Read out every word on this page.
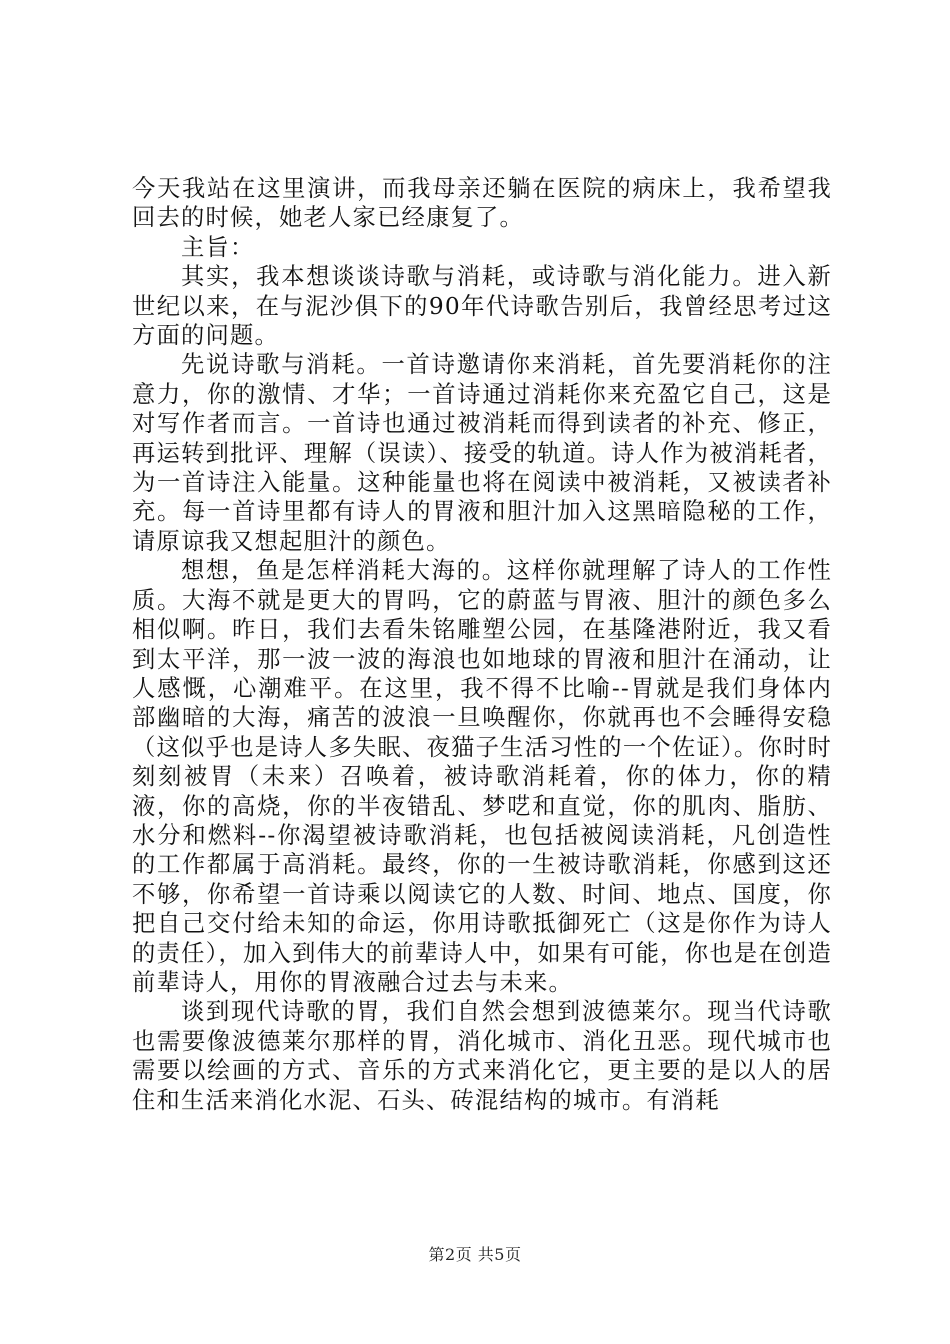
今天我站在这里演讲，而我母亲还躺在医院的病床上，我希望我回去的时候，她老人家已经康复了。

主旨：

其实，我本想谈谈诗歌与消耗，或诗歌与消化能力。进入新世纪以来，在与泥沙俱下的90年代诗歌告别后，我曾经思考过这方面的问题。

先说诗歌与消耗。一首诗邀请你来消耗，首先要消耗你的注意力，你的激情、才华；一首诗通过消耗你来充盈它自己，这是对写作者而言。一首诗也通过被消耗而得到读者的补充、修正，再运转到批评、理解（误读）、接受的轨道。诗人作为被消耗者，为一首诗注入能量。这种能量也将在阅读中被消耗，又被读者补充。每一首诗里都有诗人的胃液和胆汁加入这黑暗隐秘的工作，请原谅我又想起胆汁的颜色。

想想，鱼是怎样消耗大海的。这样你就理解了诗人的工作性质。大海不就是更大的胃吗，它的蔚蓝与胃液、胆汁的颜色多么相似啊。昨日，我们去看朱铭雕塑公园，在基隆港附近，我又看到太平洋，那一波一波的海浪也如地球的胃液和胆汁在涌动，让人感慨，心潮难平。在这里，我不得不比喻--胃就是我们身体内部幽暗的大海，痛苦的波浪一旦唤醒你，你就再也不会睡得安稳（这似乎也是诗人多失眠、夜猫子生活习性的一个佐证）。你时时刻刻被胃（未来）召唤着，被诗歌消耗着，你的体力，你的精液，你的高烧，你的半夜错乱、梦呓和直觉，你的肌肉、脂肪、水分和燃料--你渴望被诗歌消耗，也包括被阅读消耗，凡创造性的工作都属于高消耗。最终，你的一生被诗歌消耗，你感到这还不够，你希望一首诗乘以阅读它的人数、时间、地点、国度，你把自己交付给未知的命运，你用诗歌抵御死亡（这是你作为诗人的责任），加入到伟大的前辈诗人中，如果有可能，你也是在创造前辈诗人，用你的胃液融合过去与未来。

谈到现代诗歌的胃，我们自然会想到波德莱尔。现当代诗歌也需要像波德莱尔那样的胃，消化城市、消化丑恶。现代城市也需要以绘画的方式、音乐的方式来消化它，更主要的是以人的居住和生活来消化水泥、石头、砖混结构的城市。有消耗

第2页 共5页
